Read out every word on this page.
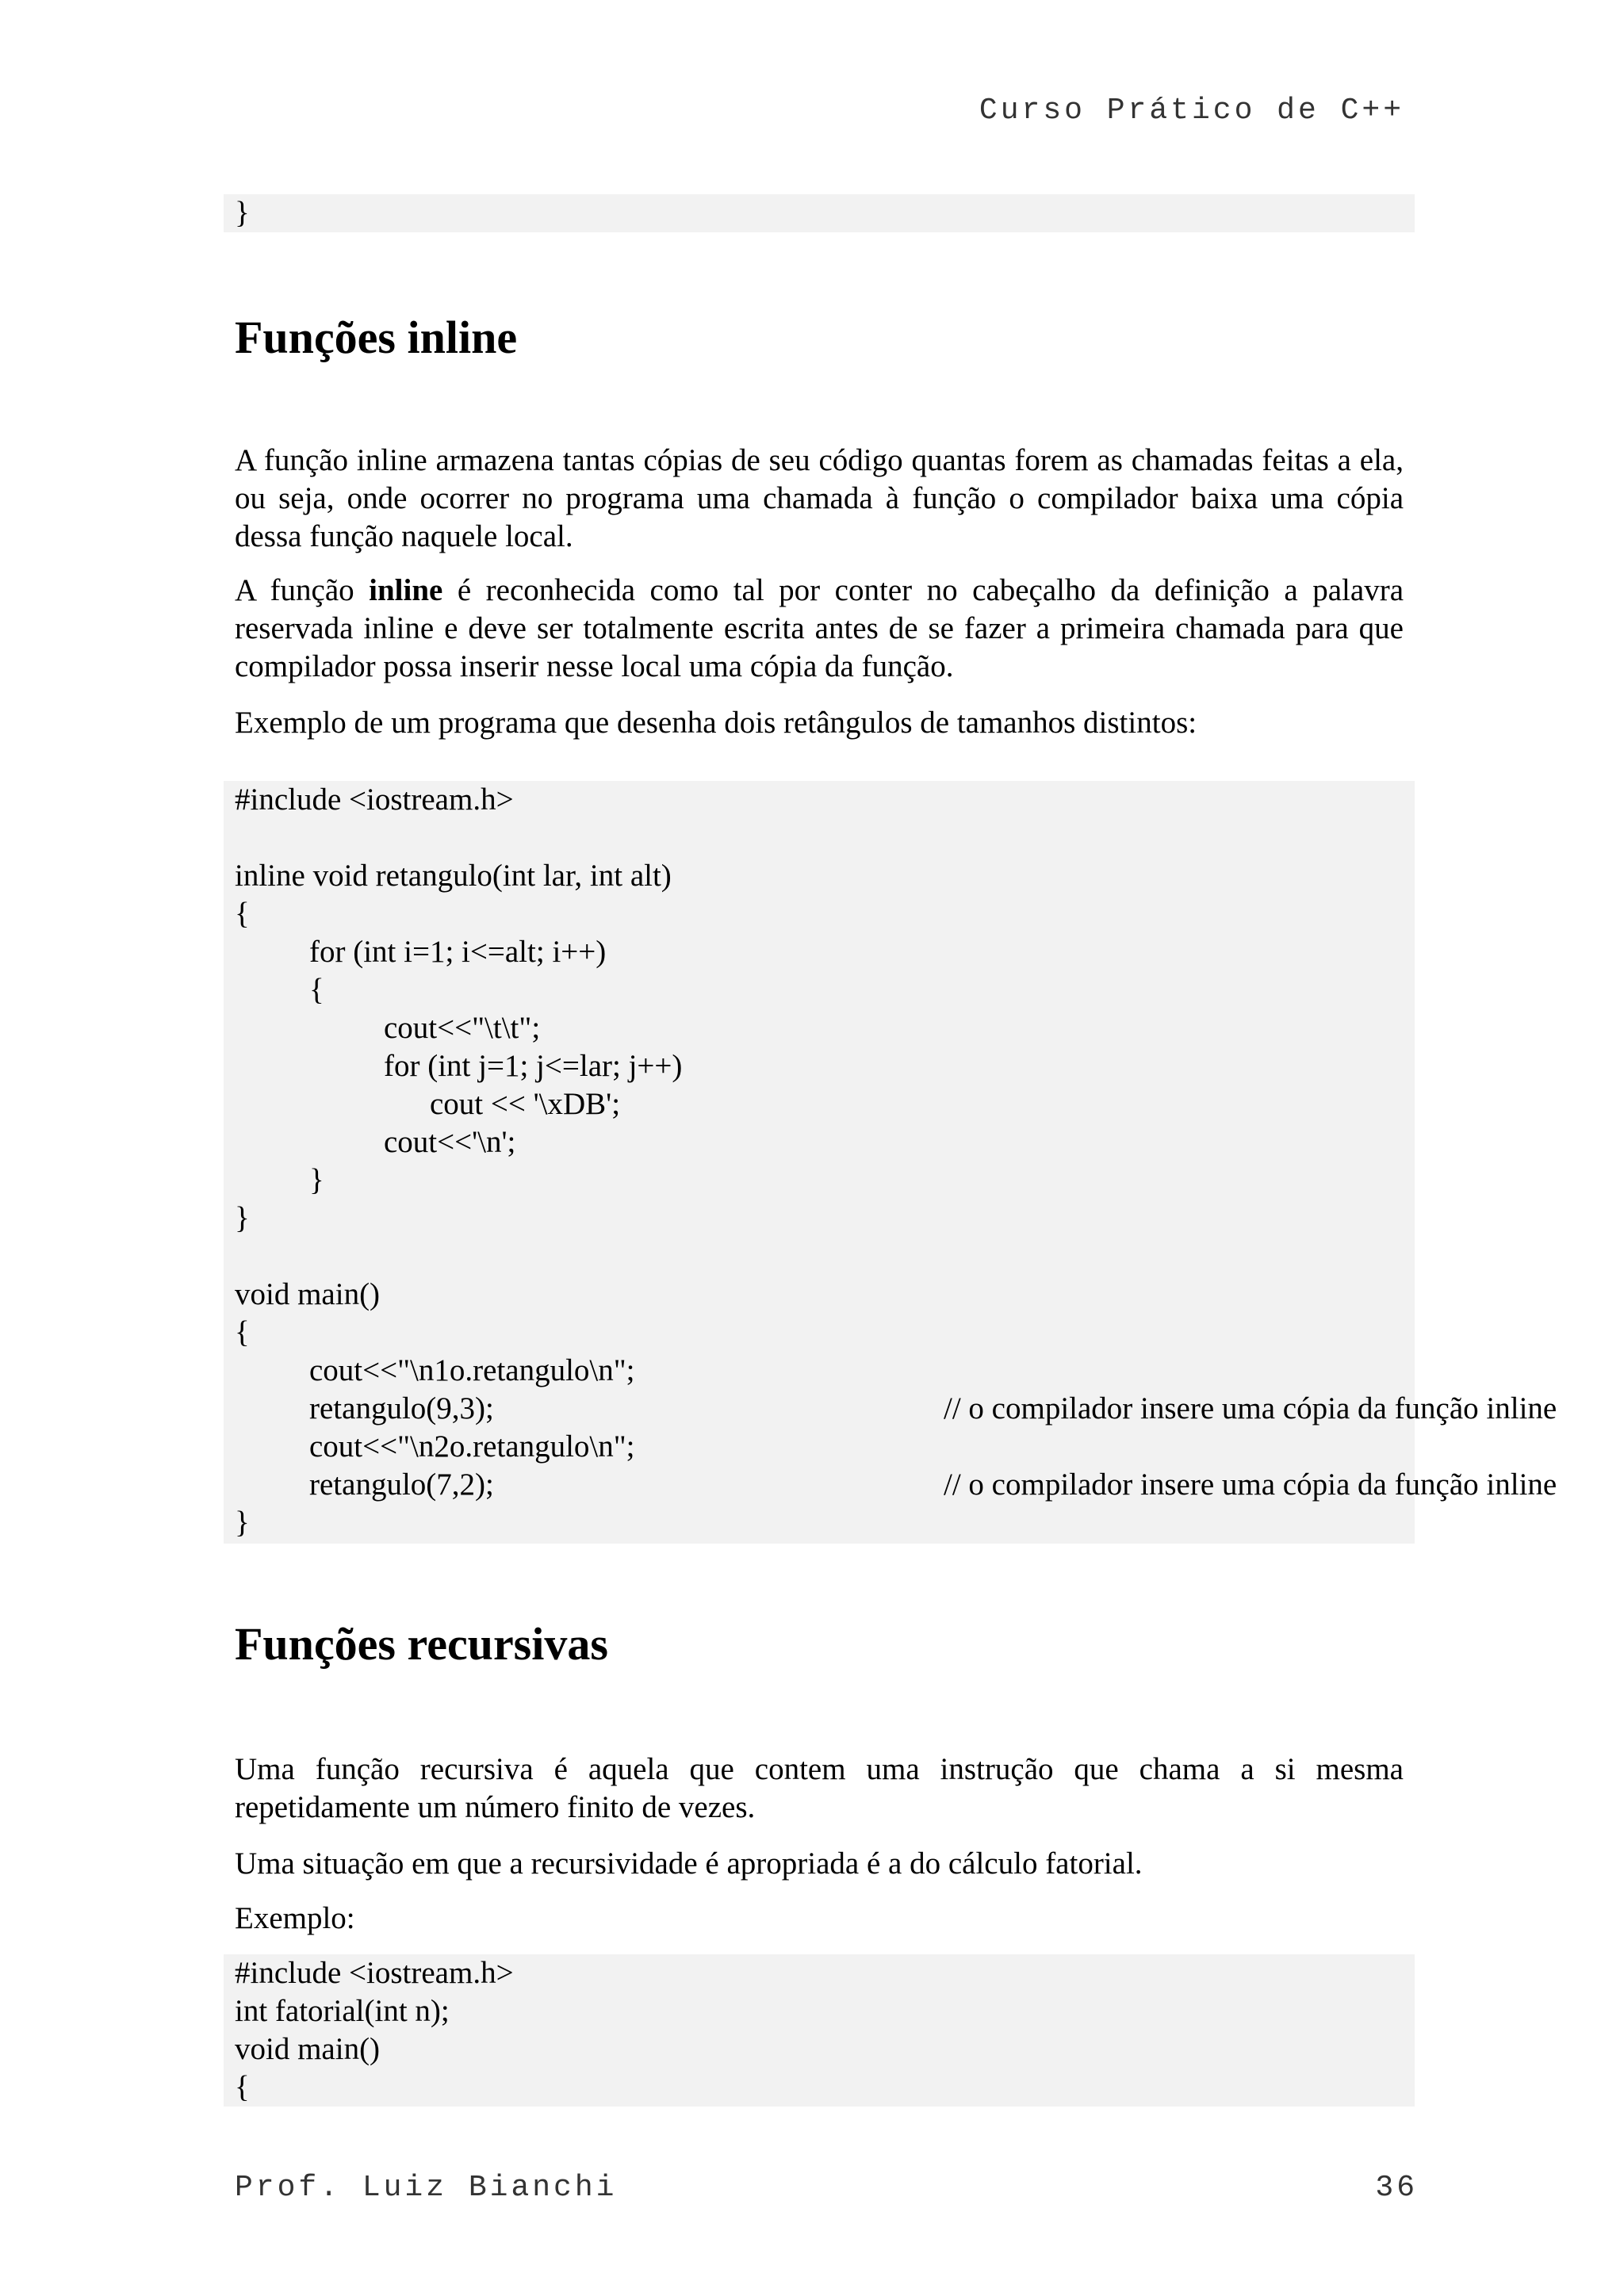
Curso Prático de C++
}
Funções inline
A função inline armazena tantas cópias de seu código quantas forem as chamadas feitas a ela, ou seja, onde ocorrer no programa uma chamada à função o compilador baixa uma cópia dessa função naquele local.
A função inline é reconhecida como tal por conter no cabeçalho da definição a palavra reservada inline e deve ser totalmente escrita antes de se fazer a primeira chamada para que compilador possa inserir nesse local uma cópia da função.
Exemplo de um programa que desenha dois retângulos de tamanhos distintos:
#include <iostream.h>
inline void retangulo(int lar, int alt)
{
for (int i=1; i<=alt; i++)
{
cout<<"\t\t";
for (int j=1; j<=lar; j++)
cout << '\xDB';
cout<<'\n';
}
}
void main()
{
cout<<"\n1o.retangulo\n";
retangulo(9,3);	// o compilador insere uma cópia da função inline
cout<<"\n2o.retangulo\n";
retangulo(7,2);	// o compilador insere uma cópia da função inline
}
Funções recursivas
Uma função recursiva é aquela que contem uma instrução que chama a si mesma repetidamente um número finito de vezes.
Uma situação em que a recursividade é apropriada é a do cálculo fatorial.
Exemplo:
#include <iostream.h>
int fatorial(int n);
void main()
{
Prof. Luiz Bianchi	36
